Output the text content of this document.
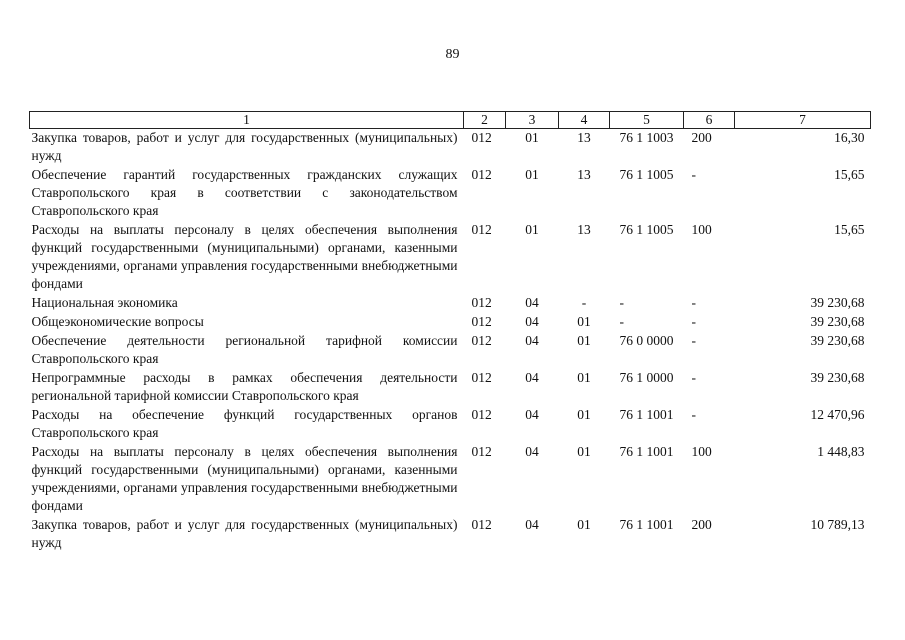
89
1	2	3	4	5	6	7
Закупка товаров, работ и услуг для государственных (муниципальных) нужд	012	01	13	76 1 1003	200	16,30
Обеспечение гарантий государственных гражданских служащих Ставропольского края в соответствии с законодательством Ставропольского края	012	01	13	76 1 1005	-	15,65
Расходы на выплаты персоналу в целях обеспечения выполнения функций государственными (муниципальными) органами, казенными учреждениями, органами управления государственными внебюджетными фондами	012	01	13	76 1 1005	100	15,65
Национальная экономика	012	04	-	-	-	39 230,68
Общеэкономические вопросы	012	04	01	-	-	39 230,68
Обеспечение деятельности региональной тарифной комиссии Ставропольского края	012	04	01	76 0 0000	-	39 230,68
Непрограммные расходы в рамках обеспечения деятельности региональной тарифной комиссии Ставропольского края	012	04	01	76 1 0000	-	39 230,68
Расходы на обеспечение функций государственных органов Ставропольского края	012	04	01	76 1 1001	-	12 470,96
Расходы на выплаты персоналу в целях обеспечения выполнения функций государственными (муниципальными) органами, казенными учреждениями, органами управления государственными внебюджетными фондами	012	04	01	76 1 1001	100	1 448,83
Закупка товаров, работ и услуг для государственных (муниципальных) нужд	012	04	01	76 1 1001	200	10 789,13
